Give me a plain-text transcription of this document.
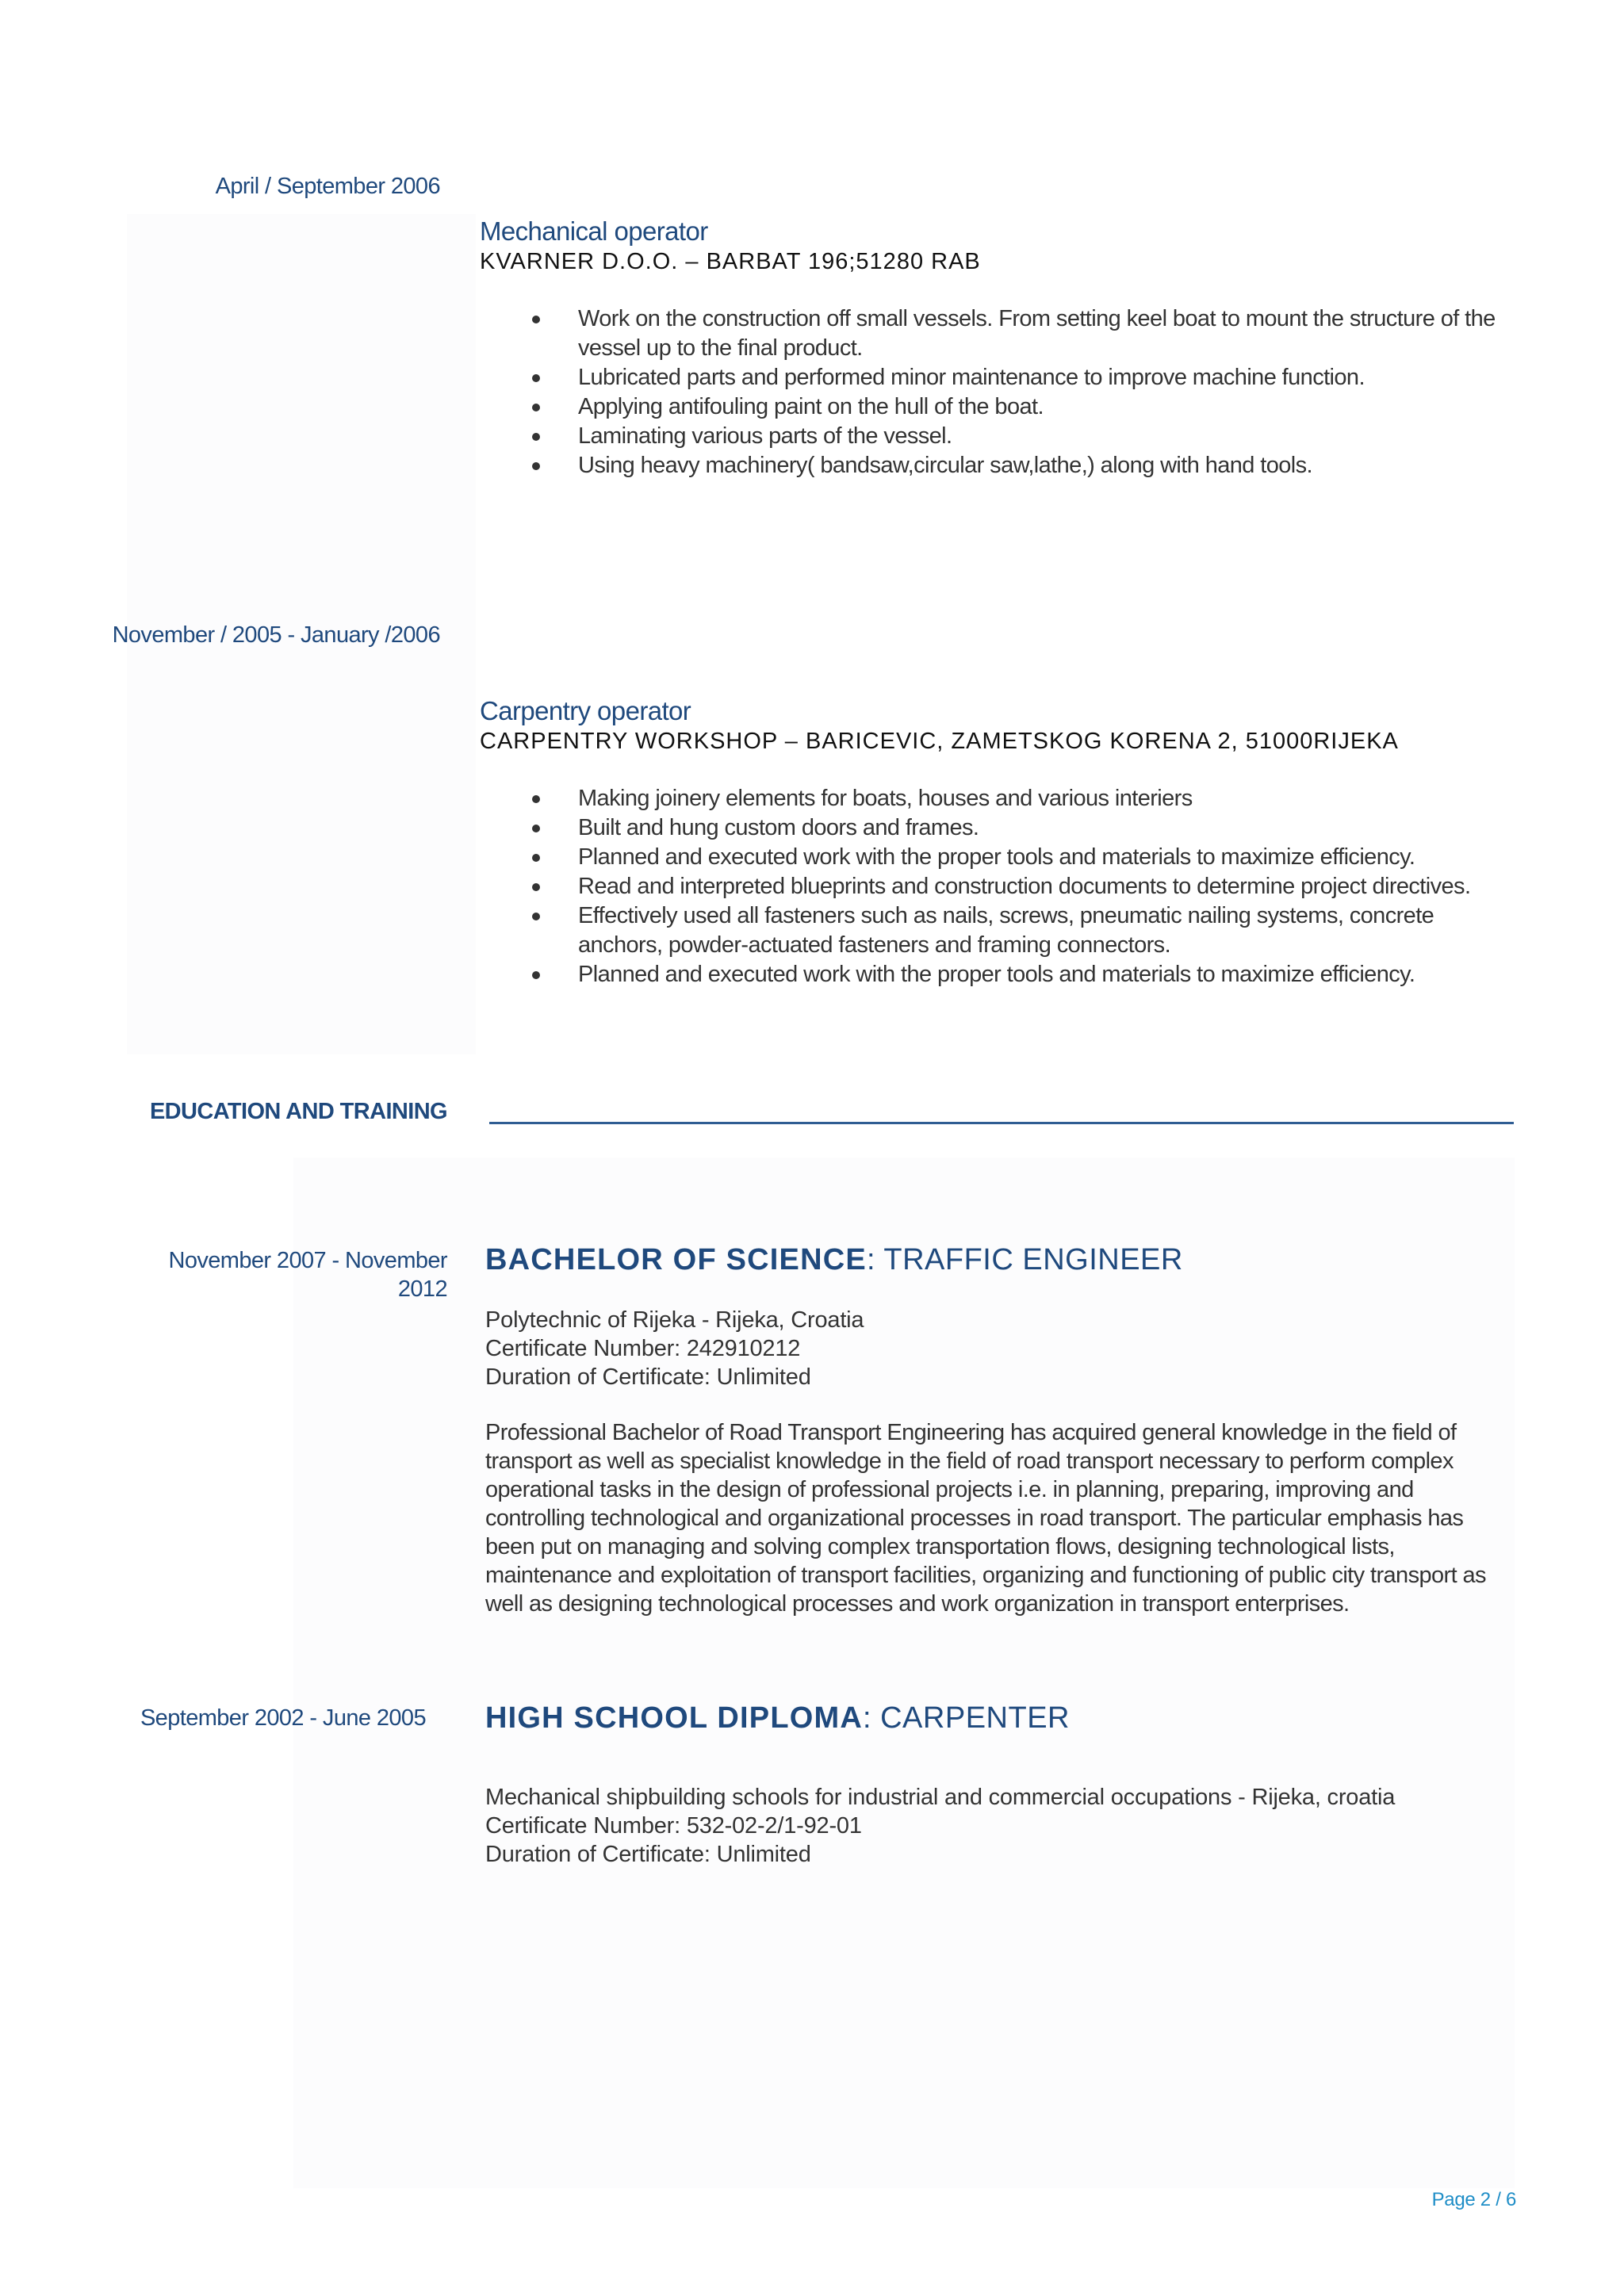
April / September 2006
Mechanical operator
KVARNER D.O.O. – BARBAT 196;51280 RAB
Work on the construction off small vessels. From setting keel boat to mount the structure of the vessel up to the final product.
Lubricated parts and performed minor maintenance to improve machine function.
Applying antifouling paint on the hull of the boat.
Laminating various parts of the vessel.
Using heavy machinery( bandsaw,circular saw,lathe,) along with hand tools.
November / 2005 - January /2006
Carpentry operator
CARPENTRY WORKSHOP – BARICEVIC, ZAMETSKOG KORENA 2, 51000RIJEKA
Making joinery elements for boats, houses and various interiers
Built and hung custom doors and frames.
Planned and executed work with the proper tools and materials to maximize efficiency.
Read and interpreted blueprints and construction documents to determine project directives.
Effectively used all fasteners such as nails, screws, pneumatic nailing systems, concrete anchors, powder-actuated fasteners and framing connectors.
Planned and executed work with the proper tools and materials to maximize efficiency.
EDUCATION AND TRAINING
November 2007 - November
2012
BACHELOR OF SCIENCE: TRAFFIC ENGINEER
Polytechnic of Rijeka - Rijeka, Croatia
Certificate Number: 242910212
Duration of Certificate: Unlimited
Professional Bachelor of Road Transport Engineering has acquired general knowledge in the field of transport as well as specialist knowledge in the field of road transport necessary to perform complex operational tasks in the design of professional projects i.e. in planning, preparing, improving and controlling technological and organizational processes in road transport. The particular emphasis has been put on managing and solving complex transportation flows, designing technological lists, maintenance and exploitation of transport facilities, organizing and functioning of public city transport as well as designing technological processes and work organization in transport enterprises.
September 2002 - June 2005 HIGH SCHOOL DIPLOMA: CARPENTER
Mechanical shipbuilding schools for industrial and commercial occupations - Rijeka, croatia
Certificate Number: 532-02-2/1-92-01
Duration of Certificate: Unlimited
Page 2 / 6
